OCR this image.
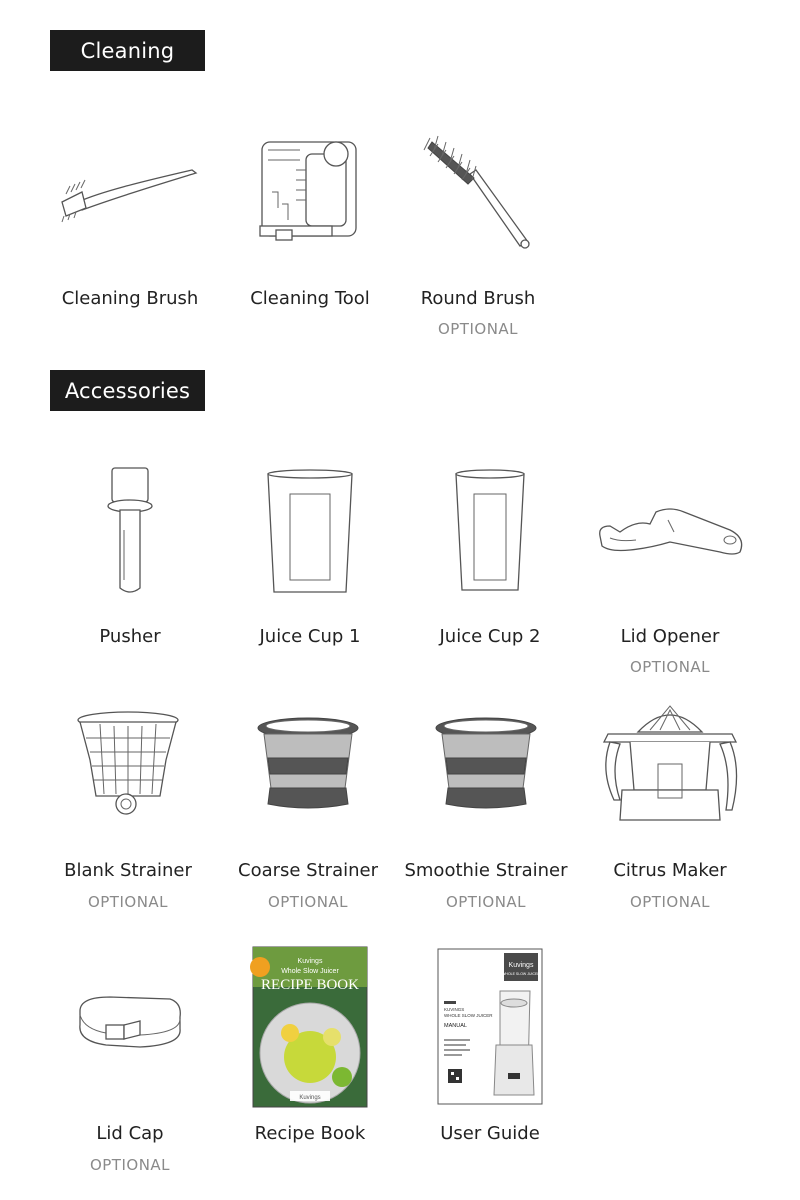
Cleaning
Cleaning Brush	Cleaning Tool	Round Brush
OPTIONAL
Accessories
Pusher	Juice Cup 1	Juice Cup 2	Lid Opener
OPTIONAL
Blank Strainer
OPTIONAL
Coarse Strainer
OPTIONAL
Smoothie Strainer
OPTIONAL
Citrus Maker
OPTIONAL
Lid Cap
OPTIONAL
Kuvings
Whole Slow Juicer
RECIPE BOOK
Kuvings
Recipe Book
Kuvings
WHOLE SLOW JUICER
KUVINGS
WHOLE SLOW JUICER
MANUAL
User Guide
